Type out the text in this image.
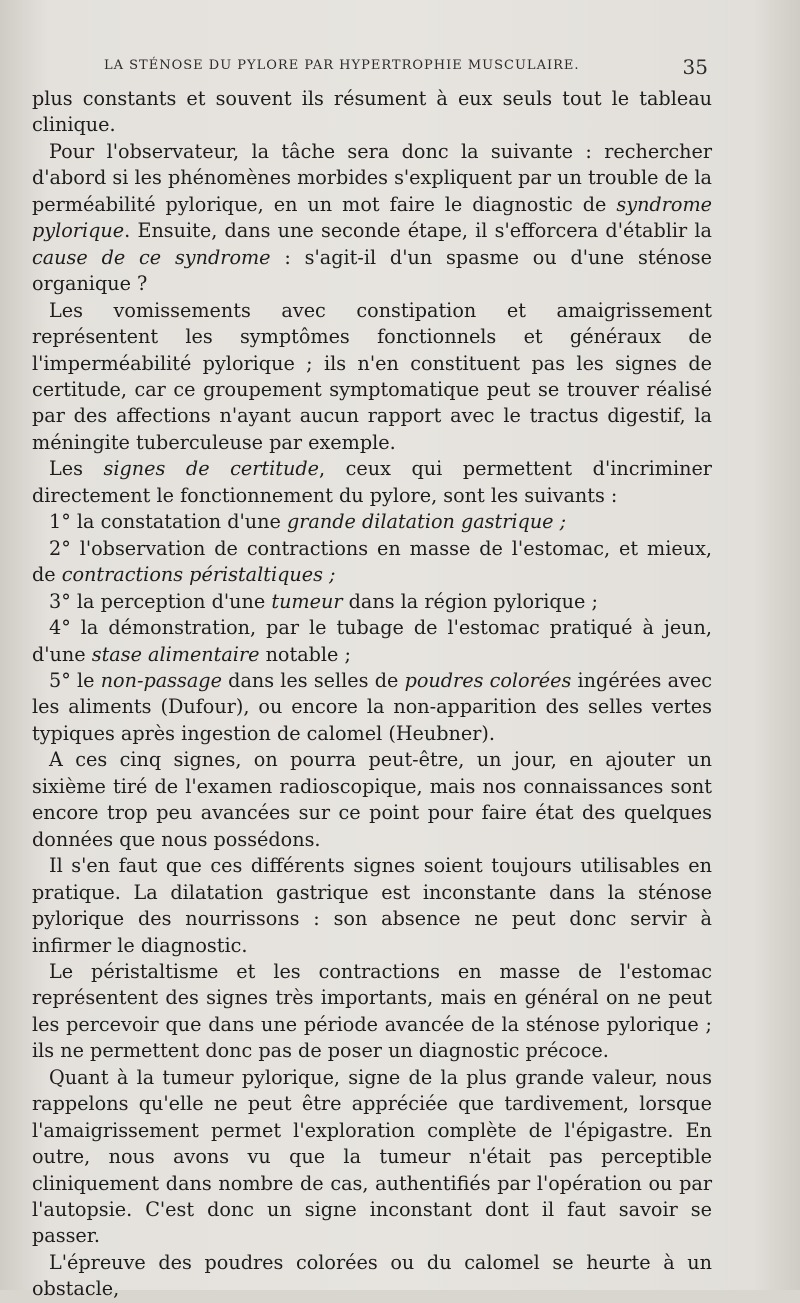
LA STÉNOSE DU PYLORE PAR HYPERTROPHIE MUSCULAIRE.	35

plus constants et souvent ils résument à eux seuls tout le tableau clinique.

Pour l'observateur, la tâche sera donc la suivante : rechercher d'abord si les phénomènes morbides s'expliquent par un trouble de la perméabilité pylorique, en un mot faire le diagnostic de syndrome pylorique. Ensuite, dans une seconde étape, il s'efforcera d'établir la cause de ce syndrome : s'agit-il d'un spasme ou d'une sténose organique ?

Les vomissements avec constipation et amaigrissement représentent les symptômes fonctionnels et généraux de l'imperméabilité pylorique ; ils n'en constituent pas les signes de certitude, car ce groupement symptomatique peut se trouver réalisé par des affections n'ayant aucun rapport avec le tractus digestif, la méningite tuberculeuse par exemple.

Les signes de certitude, ceux qui permettent d'incriminer directement le fonctionnement du pylore, sont les suivants :

1° la constatation d'une grande dilatation gastrique ;

2° l'observation de contractions en masse de l'estomac, et mieux, de contractions péristaltiques ;

3° la perception d'une tumeur dans la région pylorique ;

4° la démonstration, par le tubage de l'estomac pratiqué à jeun, d'une stase alimentaire notable ;

5° le non-passage dans les selles de poudres colorées ingérées avec les aliments (Dufour), ou encore la non-apparition des selles vertes typiques après ingestion de calomel (Heubner).

A ces cinq signes, on pourra peut-être, un jour, en ajouter un sixième tiré de l'examen radioscopique, mais nos connaissances sont encore trop peu avancées sur ce point pour faire état des quelques données que nous possédons.

Il s'en faut que ces différents signes soient toujours utilisables en pratique. La dilatation gastrique est inconstante dans la sténose pylorique des nourrissons : son absence ne peut donc servir à infirmer le diagnostic.

Le péristaltisme et les contractions en masse de l'estomac représentent des signes très importants, mais en général on ne peut les percevoir que dans une période avancée de la sténose pylorique ; ils ne permettent donc pas de poser un diagnostic précoce.

Quant à la tumeur pylorique, signe de la plus grande valeur, nous rappelons qu'elle ne peut être appréciée que tardivement, lorsque l'amaigrissement permet l'exploration complète de l'épigastre. En outre, nous avons vu que la tumeur n'était pas perceptible cliniquement dans nombre de cas, authentifiés par l'opération ou par l'autopsie. C'est donc un signe inconstant dont il faut savoir se passer.

L'épreuve des poudres colorées ou du calomel se heurte à un obstacle,
